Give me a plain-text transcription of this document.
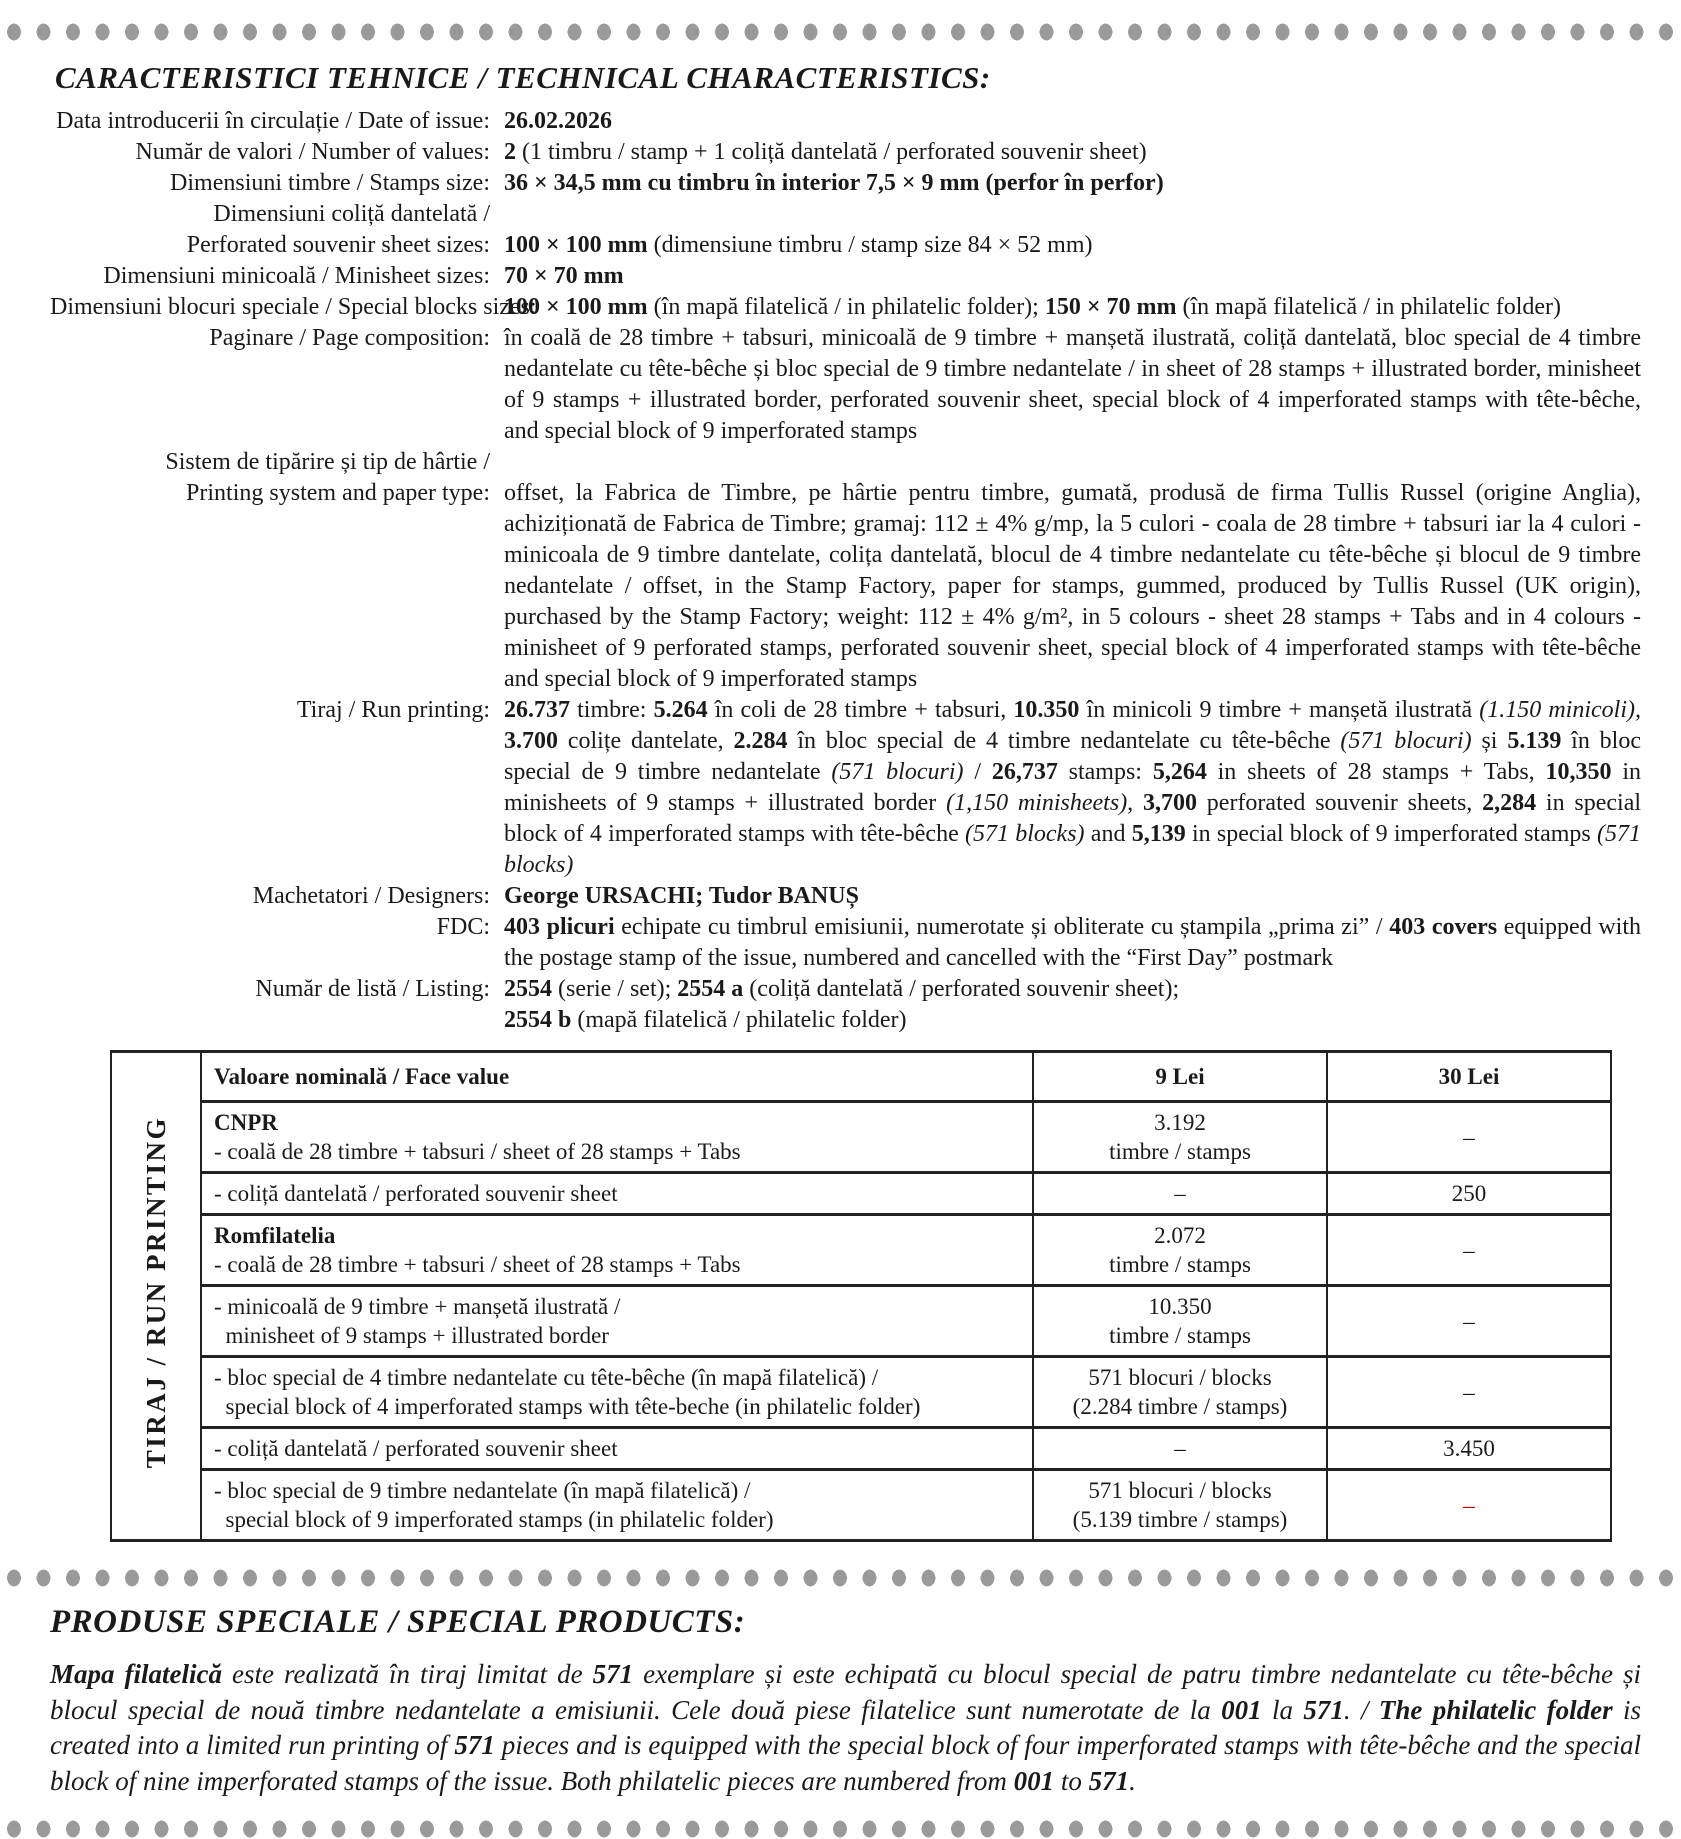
CARACTERISTICI TEHNICE / TECHNICAL CHARACTERISTICS:
Data introducerii în circulație / Date of issue: 26.02.2026
Număr de valori / Number of values: 2 (1 timbru / stamp + 1 coliță dantelată / perforated souvenir sheet)
Dimensiuni timbre / Stamps size: 36 × 34,5 mm cu timbru în interior 7,5 × 9 mm (perfor în perfor)
Dimensiuni coliță dantelată /
Perforated souvenir sheet sizes: 100 × 100 mm (dimensiune timbru / stamp size 84 × 52 mm)
Dimensiuni minicoală / Minisheet sizes: 70 × 70 mm
Dimensiuni blocuri speciale / Special blocks sizes:
100 × 100 mm (în mapă filatelică / in philatelic folder); 150 × 70 mm (în mapă filatelică / in philatelic folder)
Paginare / Page composition: în coală de 28 timbre + tabsuri, minicoală de 9 timbre + manșetă ilustrată, coliță dantelată, bloc special de 4 timbre nedantelate cu tête-bêche și bloc special de 9 timbre nedantelate / in sheet of 28 stamps + illustrated border, minisheet of 9 stamps + illustrated border, perforated souvenir sheet, special block of 4 imperforated stamps with tête-bêche, and special block of 9 imperforated stamps
Sistem de tipărire și tip de hârtie /
Printing system and paper type: offset, la Fabrica de Timbre, pe hârtie pentru timbre, gumată, produsă de firma Tullis Russel (origine Anglia), achiziționată de Fabrica de Timbre; gramaj: 112 ± 4% g/mp, la 5 culori - coala de 28 timbre + tabsuri iar la 4 culori - minicoala de 9 timbre dantelate, colița dantelată, blocul de 4 timbre nedantelate cu tête-bêche și blocul de 9 timbre nedantelate / offset, in the Stamp Factory, paper for stamps, gummed, produced by Tullis Russel (UK origin), purchased by the Stamp Factory; weight: 112 ± 4% g/m², in 5 colours - sheet 28 stamps + Tabs and in 4 colours - minisheet of 9 perforated stamps, perforated souvenir sheet, special block of 4 imperforated stamps with tête-bêche and special block of 9 imperforated stamps
Tiraj / Run printing: 26.737 timbre: 5.264 în coli de 28 timbre + tabsuri, 10.350 în minicoli 9 timbre + manșetă ilustrată (1.150 minicoli), 3.700 colițe dantelate, 2.284 în bloc special de 4 timbre nedantelate cu tête-bêche (571 blocuri) și 5.139 în bloc special de 9 timbre nedantelate (571 blocuri) / 26,737 stamps: 5,264 in sheets of 28 stamps + Tabs, 10,350 in minisheets of 9 stamps + illustrated border (1,150 minisheets), 3,700 perforated souvenir sheets, 2,284 in special block of 4 imperforated stamps with tête-bêche (571 blocks) and 5,139 in special block of 9 imperforated stamps (571 blocks)
Machetatori / Designers: George URSACHI; Tudor BANUȘ
FDC: 403 plicuri echipate cu timbrul emisiunii, numerotate și obliterate cu ștampila „prima zi” / 403 covers equipped with the postage stamp of the issue, numbered and cancelled with the “First Day” postmark
Număr de listă / Listing: 2554 (serie / set); 2554 a (coliță dantelată / perforated souvenir sheet);
2554 b (mapă filatelică / philatelic folder)
TIRAJ / RUN PRINTING	Valoare nominală / Face value	9 Lei	30 Lei
	CNPR
- coală de 28 timbre + tabsuri / sheet of 28 stamps + Tabs	3.192
timbre / stamps	–
	- coliță dantelată / perforated souvenir sheet	–	250
	Romfilatelia
- coală de 28 timbre + tabsuri / sheet of 28 stamps + Tabs	2.072
timbre / stamps	–
	- minicoală de 9 timbre + manșetă ilustrată /
minisheet of 9 stamps + illustrated border	10.350
timbre / stamps	–
	- bloc special de 4 timbre nedantelate cu tête-bêche (în mapă filatelică) /
special block of 4 imperforated stamps with tête-beche (in philatelic folder)	571 blocuri / blocks
(2.284 timbre / stamps)	–
	- coliță dantelată / perforated souvenir sheet	–	3.450
	- bloc special de 9 timbre nedantelate (în mapă filatelică) /
special block of 9 imperforated stamps (in philatelic folder)	571 blocuri / blocks
(5.139 timbre / stamps)	–
PRODUSE SPECIALE / SPECIAL PRODUCTS:

Mapa filatelică este realizată în tiraj limitat de 571 exemplare și este echipată cu blocul special de patru timbre nedantelate cu tête-bêche și blocul special de nouă timbre nedantelate a emisiunii. Cele două piese filatelice sunt numerotate de la 001 la 571. / The philatelic folder is created into a limited run printing of 571 pieces and is equipped with the special block of four imperforated stamps with tête-bêche and the special block of nine imperforated stamps of the issue. Both philatelic pieces are numbered from 001 to 571.
